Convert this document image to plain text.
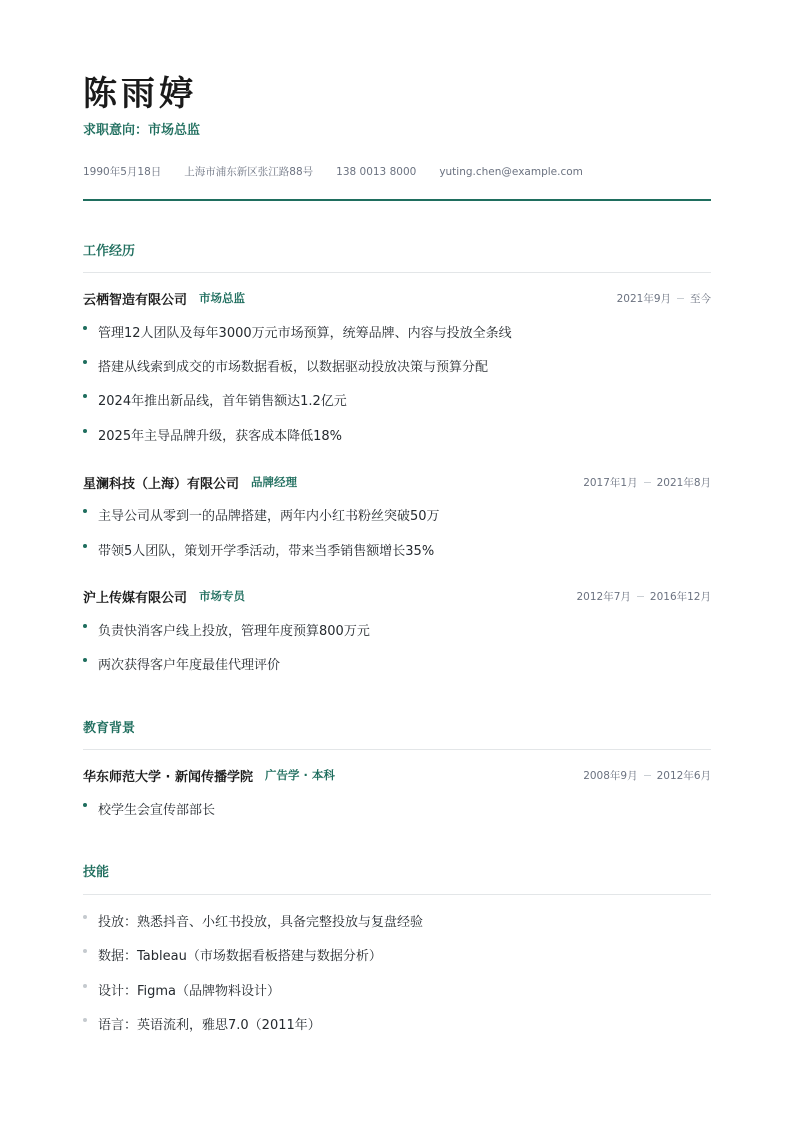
陈雨婷
求职意向：市场总监
1990年5月18日 上海市浦东新区张江路88号 138 0013 8000 yuting.chen@example.com
工作经历
云栖智造有限公司 市场总监	2021年9月 至今
管理12人团队及每年3000万元市场预算，统筹品牌、内容与投放全条线
搭建从线索到成交的市场数据看板，以数据驱动投放决策与预算分配
2024年推出新品线，首年销售额达1.2亿元
2025年主导品牌升级，获客成本降低18%
星澜科技（上海）有限公司 品牌经理	2017年1月 2021年8月
主导公司从零到一的品牌搭建，两年内小红书粉丝突破50万
带领5人团队，策划开学季活动，带来当季销售额增长35%
沪上传媒有限公司 市场专员	2012年7月 2016年12月
负责快消客户线上投放，管理年度预算800万元
两次获得客户年度最佳代理评价
教育背景
华东师范大学 · 新闻传播学院 广告学 · 本科	2008年9月 2012年6月
校学生会宣传部部长
技能
投放：熟悉抖音、小红书投放，具备完整投放与复盘经验
数据：Tableau（市场数据看板搭建与数据分析）
设计：Figma（品牌物料设计）
语言：英语流利，雅思7.0（2011年）
